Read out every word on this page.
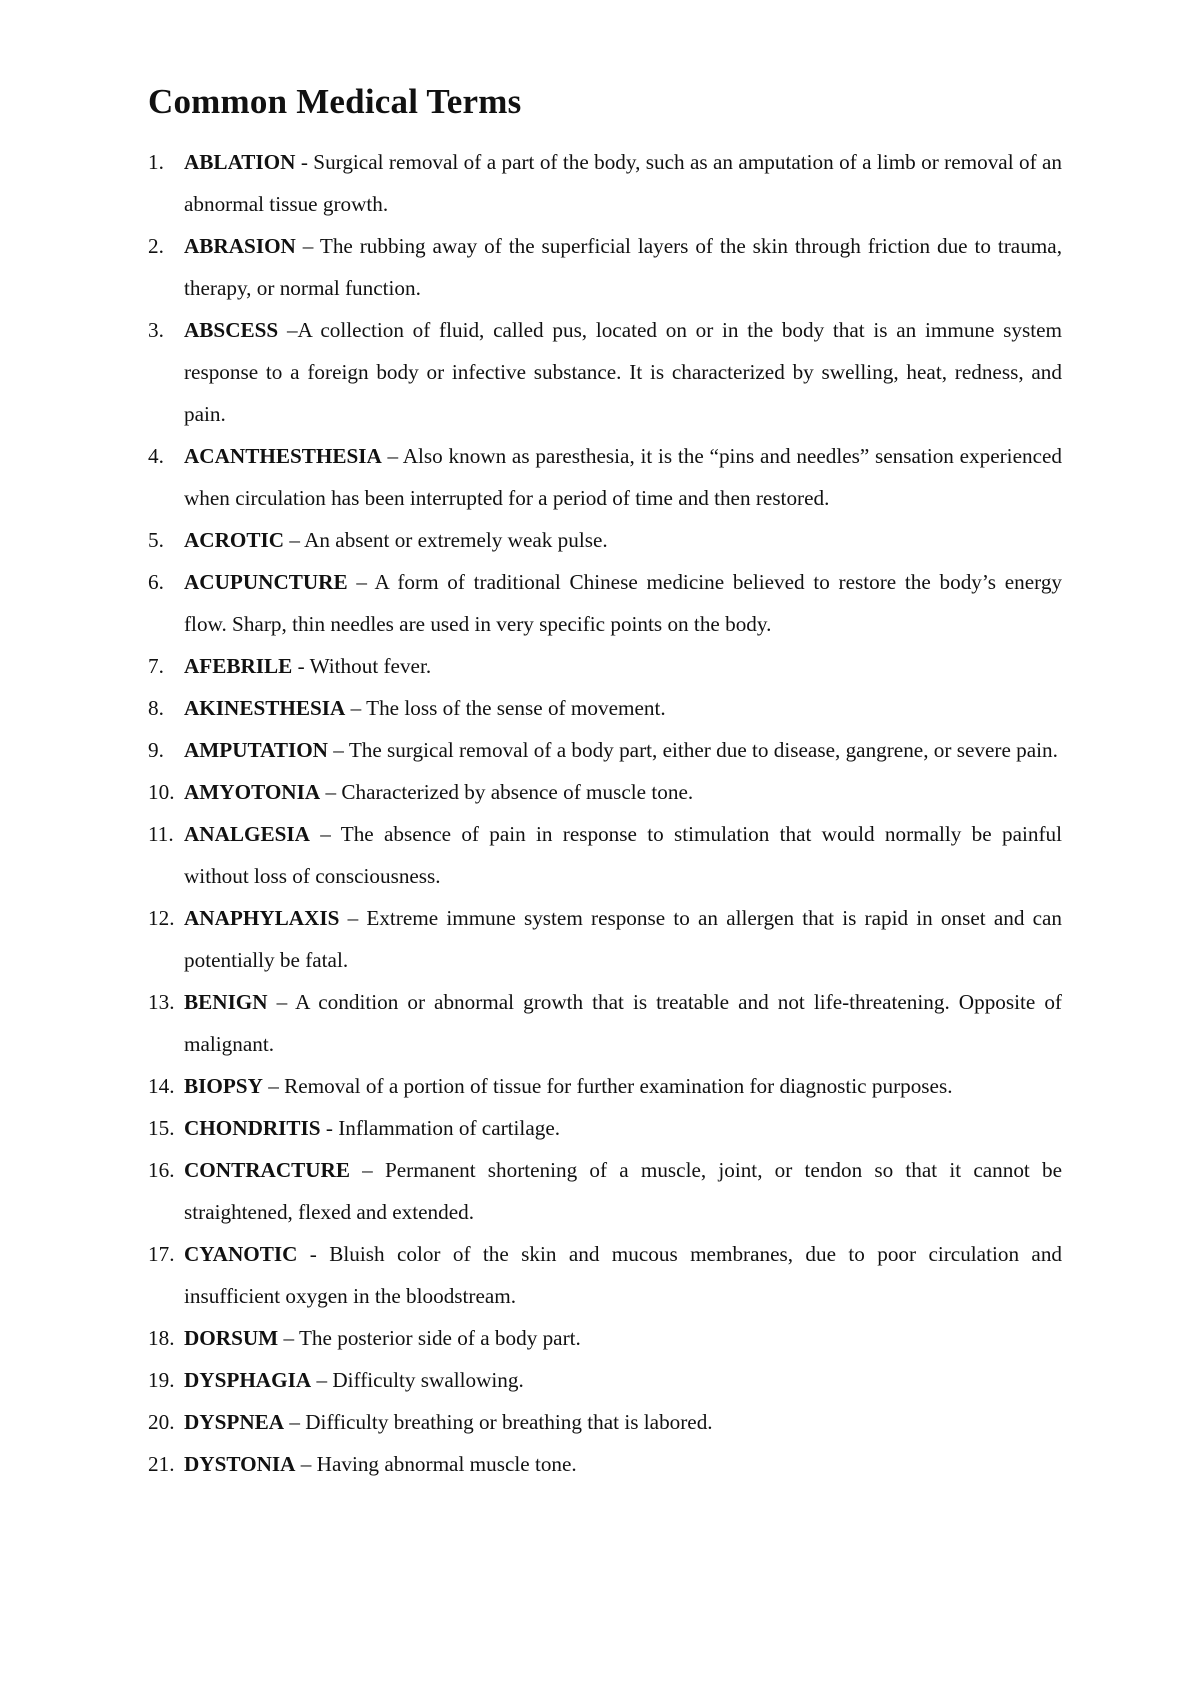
Common Medical Terms
1. ABLATION - Surgical removal of a part of the body, such as an amputation of a limb or removal of an abnormal tissue growth.
2. ABRASION – The rubbing away of the superficial layers of the skin through friction due to trauma, therapy, or normal function.
3. ABSCESS –A collection of fluid, called pus, located on or in the body that is an immune system response to a foreign body or infective substance. It is characterized by swelling, heat, redness, and pain.
4. ACANTHESTHESIA – Also known as paresthesia, it is the “pins and needles” sensation experienced when circulation has been interrupted for a period of time and then restored.
5. ACROTIC – An absent or extremely weak pulse.
6. ACUPUNCTURE – A form of traditional Chinese medicine believed to restore the body’s energy flow. Sharp, thin needles are used in very specific points on the body.
7. AFEBRILE - Without fever.
8. AKINESTHESIA – The loss of the sense of movement.
9. AMPUTATION – The surgical removal of a body part, either due to disease, gangrene, or severe pain.
10. AMYOTONIA – Characterized by absence of muscle tone.
11. ANALGESIA – The absence of pain in response to stimulation that would normally be painful without loss of consciousness.
12. ANAPHYLAXIS – Extreme immune system response to an allergen that is rapid in onset and can potentially be fatal.
13. BENIGN – A condition or abnormal growth that is treatable and not life-threatening. Opposite of malignant.
14. BIOPSY – Removal of a portion of tissue for further examination for diagnostic purposes.
15. CHONDRITIS - Inflammation of cartilage.
16. CONTRACTURE – Permanent shortening of a muscle, joint, or tendon so that it cannot be straightened, flexed and extended.
17. CYANOTIC - Bluish color of the skin and mucous membranes, due to poor circulation and insufficient oxygen in the bloodstream.
18. DORSUM – The posterior side of a body part.
19. DYSPHAGIA – Difficulty swallowing.
20. DYSPNEA – Difficulty breathing or breathing that is labored.
21. DYSTONIA – Having abnormal muscle tone.
